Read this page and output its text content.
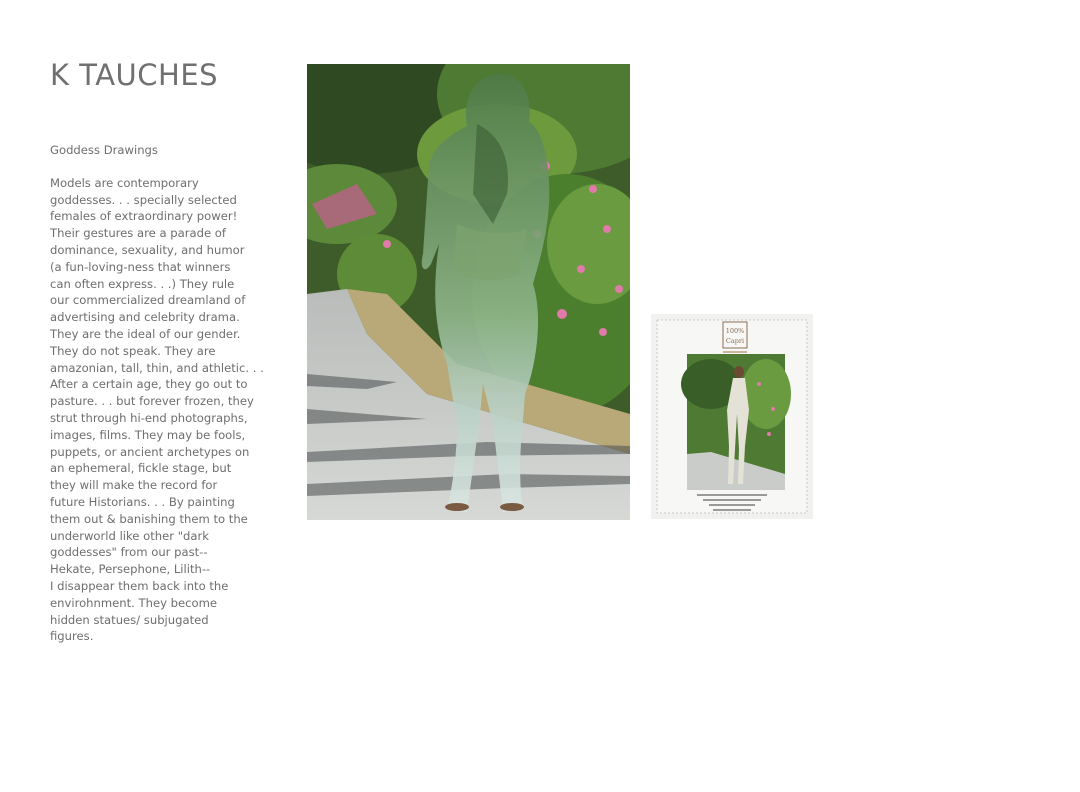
K TAUCHES
Goddess Drawings
Models are contemporary
goddesses. . . specially selected
females of extraordinary power!
Their gestures are a parade of
dominance, sexuality, and humor
(a fun-loving-ness that winners
can often express. . .) They rule
our commercialized dreamland of
advertising and celebrity drama.
They are the ideal of our gender.
They do not speak. They are
amazonian, tall, thin, and athletic. . .
After a certain age, they go out to
pasture. . . but forever frozen, they
strut through hi-end photographs,
images, films. They may be fools,
puppets, or ancient archetypes on
an ephemeral, fickle stage, but
they will make the record for
future Historians. . . By painting
them out & banishing them to the
underworld like other "dark
goddesses" from our past--
Hekate, Persephone, Lilith--
I disappear them back into the
envirohnment. They become
hidden statues/ subjugated
figures.
100%
Capri
